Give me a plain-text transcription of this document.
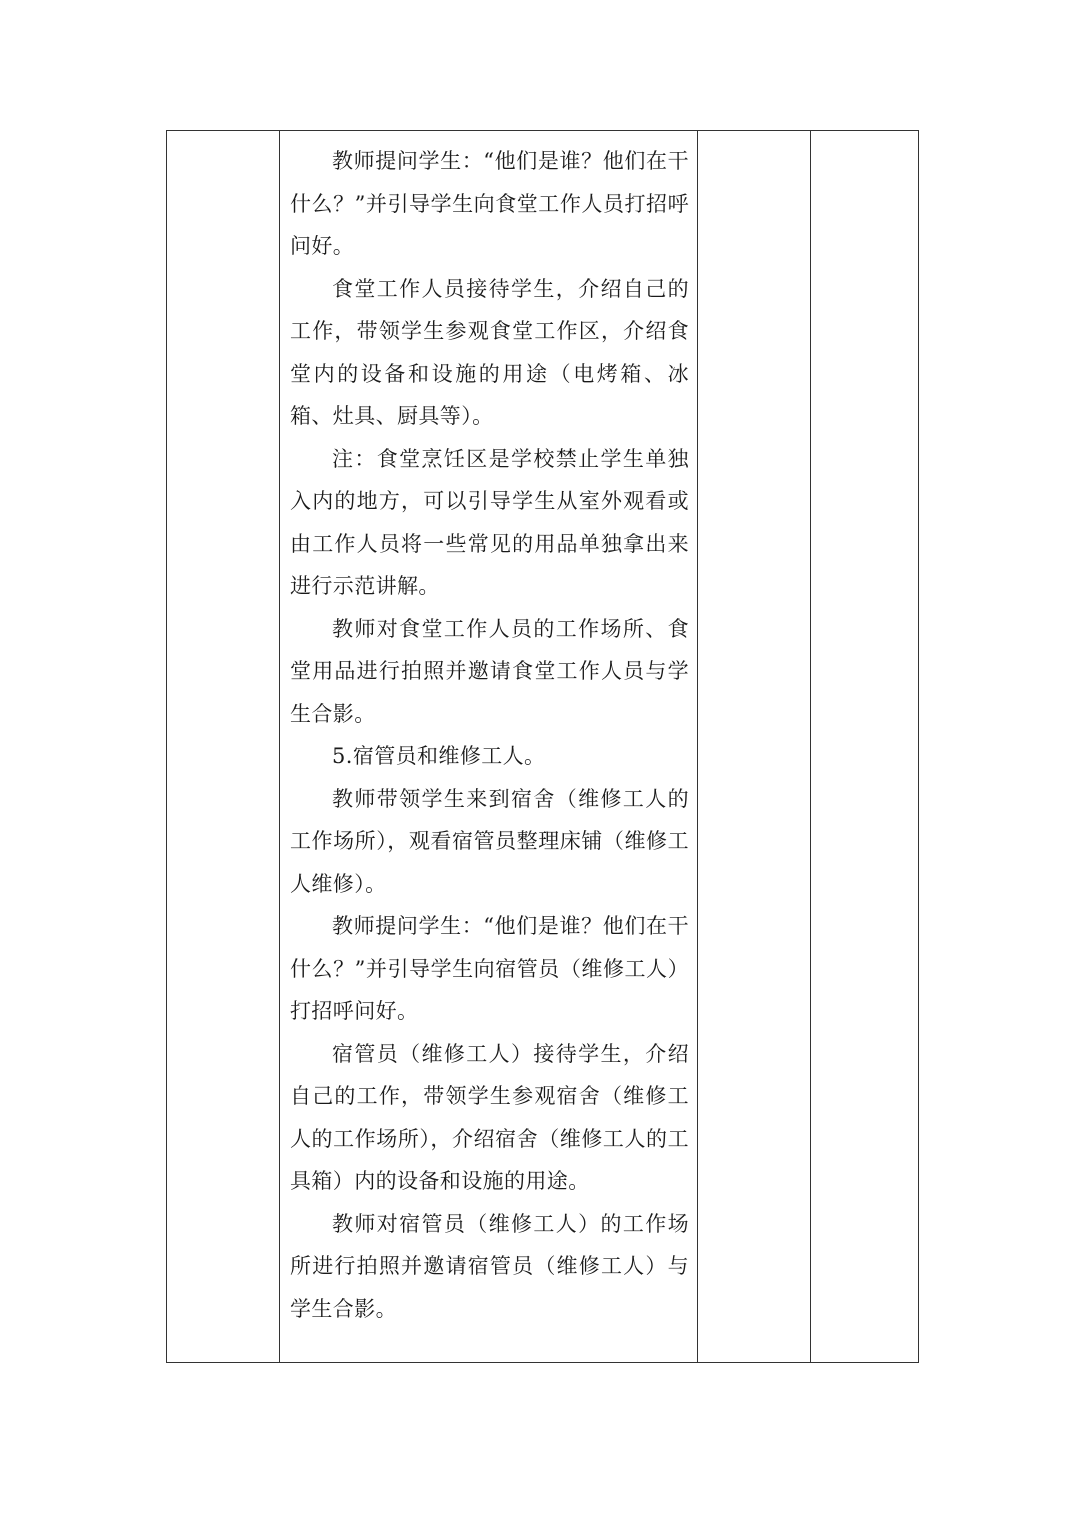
教师提问学生：“他们是谁？他们在干什么？”并引导学生向食堂工作人员打招呼问好。

食堂工作人员接待学生，介绍自己的工作，带领学生参观食堂工作区，介绍食堂内的设备和设施的用途（电烤箱、冰箱、灶具、厨具等）。

注：食堂烹饪区是学校禁止学生单独入内的地方，可以引导学生从室外观看或由工作人员将一些常见的用品单独拿出来进行示范讲解。

教师对食堂工作人员的工作场所、食堂用品进行拍照并邀请食堂工作人员与学生合影。

5.宿管员和维修工人。

教师带领学生来到宿舍（维修工人的工作场所），观看宿管员整理床铺（维修工人维修）。

教师提问学生：“他们是谁？他们在干什么？”并引导学生向宿管员（维修工人）打招呼问好。

宿管员（维修工人）接待学生，介绍自己的工作，带领学生参观宿舍（维修工人的工作场所），介绍宿舍（维修工人的工具箱）内的设备和设施的用途。

教师对宿管员（维修工人）的工作场所进行拍照并邀请宿管员（维修工人）与学生合影。
